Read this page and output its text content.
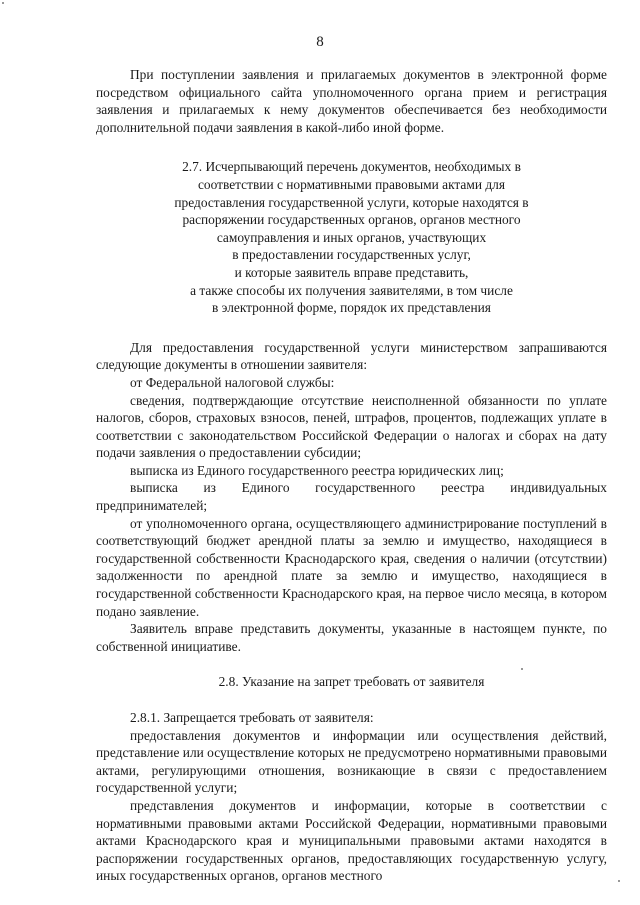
8

При поступлении заявления и прилагаемых документов в электронной форме посредством официального сайта уполномоченного органа прием и регистрация заявления и прилагаемых к нему документов обеспечивается без необходимости дополнительной подачи заявления в какой-либо иной форме.

2.7. Исчерпывающий перечень документов, необходимых в
соответствии с нормативными правовыми актами для
предоставления государственной услуги, которые находятся в
распоряжении государственных органов, органов местного
самоуправления и иных органов, участвующих
в предоставлении государственных услуг,
и которые заявитель вправе представить,
а также способы их получения заявителями, в том числе
в электронной форме, порядок их представления

Для предоставления государственной услуги министерством запрашиваются следующие документы в отношении заявителя:

от Федеральной налоговой службы:

сведения, подтверждающие отсутствие неисполненной обязанности по уплате налогов, сборов, страховых взносов, пеней, штрафов, процентов, подлежащих уплате в соответствии с законодательством Российской Федерации о налогах и сборах на дату подачи заявления о предоставлении субсидии;

выписка из Единого государственного реестра юридических лиц;

выписка из Единого государственного реестра индивидуальных предпринимателей;

от уполномоченного органа, осуществляющего администрирование поступлений в соответствующий бюджет арендной платы за землю и имущество, находящиеся в государственной собственности Краснодарского края, сведения о наличии (отсутствии) задолженности по арендной плате за землю и имущество, находящиеся в государственной собственности Краснодарского края, на первое число месяца, в котором подано заявление.

Заявитель вправе представить документы, указанные в настоящем пункте, по собственной инициативе.

2.8. Указание на запрет требовать от заявителя

2.8.1. Запрещается требовать от заявителя:

предоставления документов и информации или осуществления действий, представление или осуществление которых не предусмотрено нормативными правовыми актами, регулирующими отношения, возникающие в связи с предоставлением государственной услуги;

представления документов и информации, которые в соответствии с нормативными правовыми актами Российской Федерации, нормативными правовыми актами Краснодарского края и муниципальными правовыми актами находятся в распоряжении государственных органов, предоставляющих государственную услугу, иных государственных органов, органов местного
